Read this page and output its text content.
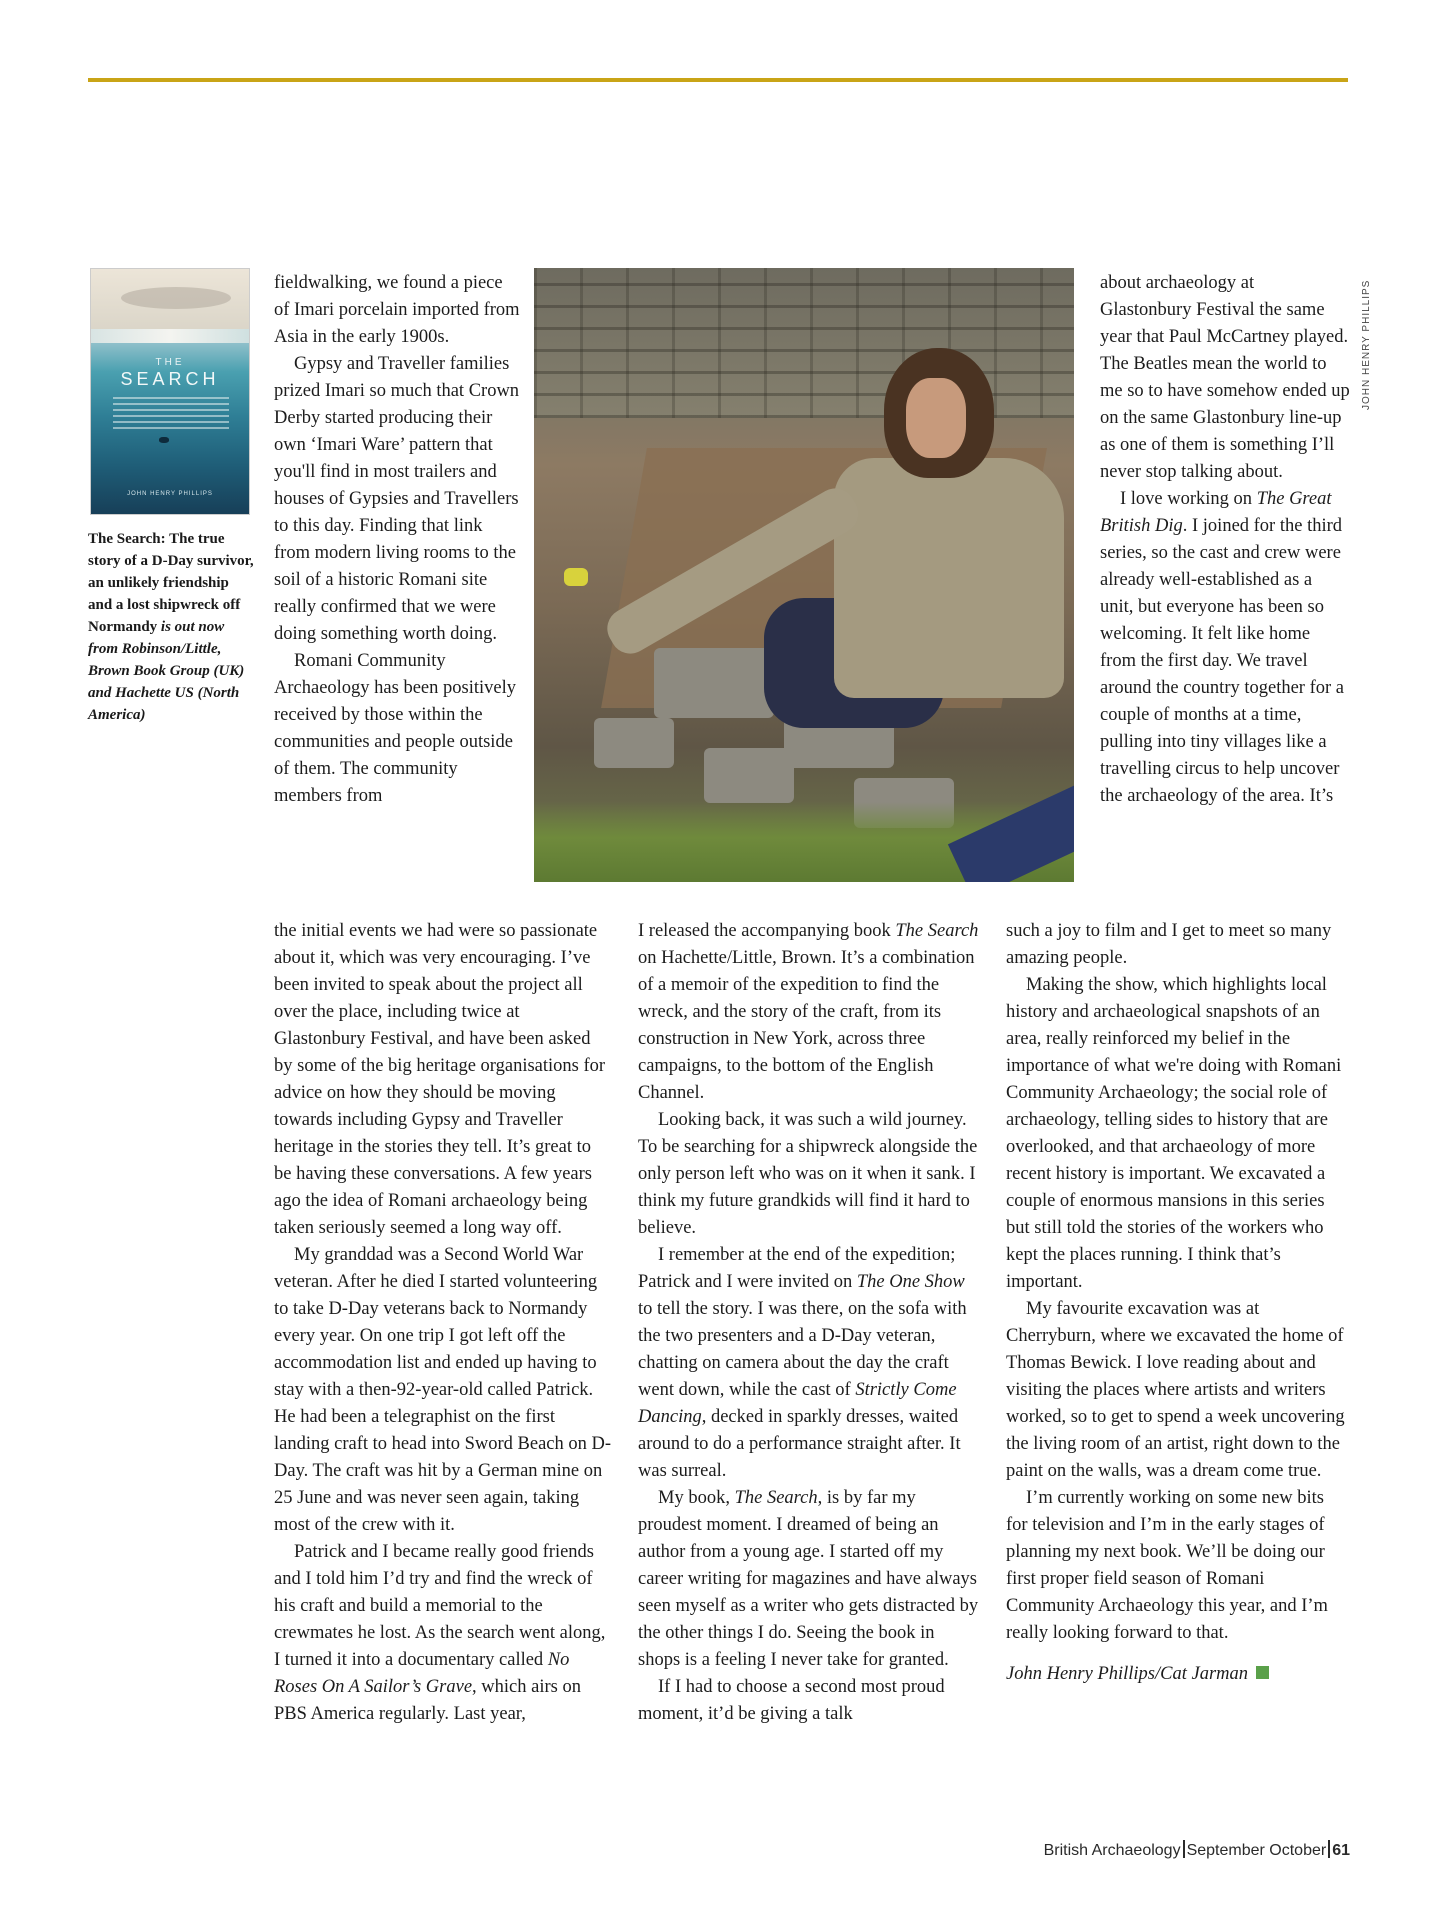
THE
SEARCH
JOHN HENRY PHILLIPS
The Search: The true story of a D-Day survivor, an unlikely friendship and a lost shipwreck off Normandy is out now from Robinson/Little, Brown Book Group (UK) and Hachette US (North America)
JOHN HENRY PHILLIPS

fieldwalking, we found a piece of Imari porcelain imported from Asia in the early 1900s.

Gypsy and Traveller families prized Imari so much that Crown Derby started producing their own ‘Imari Ware’ pattern that you'll find in most trailers and houses of Gypsies and Travellers to this day. Finding that link from modern living rooms to the soil of a historic Romani site really confirmed that we were doing something worth doing.

Romani Community Archaeology has been positively received by those within the communities and people outside of them. The community members from

the initial events we had were so passionate about it, which was very encouraging. I’ve been invited to speak about the project all over the place, including twice at Glastonbury Festival, and have been asked by some of the big heritage organisations for advice on how they should be moving towards including Gypsy and Traveller heritage in the stories they tell. It’s great to be having these conversations. A few years ago the idea of Romani archaeology being taken seriously seemed a long way off.

My granddad was a Second World War veteran. After he died I started volunteering to take D-Day veterans back to Normandy every year. On one trip I got left off the accommodation list and ended up having to stay with a then-92-year-old called Patrick. He had been a telegraphist on the first landing craft to head into Sword Beach on D-Day. The craft was hit by a German mine on 25 June and was never seen again, taking most of the crew with it.

Patrick and I became really good friends and I told him I’d try and find the wreck of his craft and build a memorial to the crewmates he lost. As the search went along, I turned it into a documentary called No Roses On A Sailor’s Grave, which airs on PBS America regularly. Last year,

I released the accompanying book The Search on Hachette/Little, Brown. It’s a combination of a memoir of the expedition to find the wreck, and the story of the craft, from its construction in New York, across three campaigns, to the bottom of the English Channel.

Looking back, it was such a wild journey. To be searching for a shipwreck alongside the only person left who was on it when it sank. I think my future grandkids will find it hard to believe.

I remember at the end of the expedition; Patrick and I were invited on The One Show to tell the story. I was there, on the sofa with the two presenters and a D-Day veteran, chatting on camera about the day the craft went down, while the cast of Strictly Come Dancing, decked in sparkly dresses, waited around to do a performance straight after. It was surreal.

My book, The Search, is by far my proudest moment. I dreamed of being an author from a young age. I started off my career writing for magazines and have always seen myself as a writer who gets distracted by the other things I do. Seeing the book in shops is a feeling I never take for granted.

If I had to choose a second most proud moment, it’d be giving a talk

about archaeology at Glastonbury Festival the same year that Paul McCartney played. The Beatles mean the world to me so to have somehow ended up on the same Glastonbury line-up as one of them is something I’ll never stop talking about.

I love working on The Great British Dig. I joined for the third series, so the cast and crew were already well-established as a unit, but everyone has been so welcoming. It felt like home from the first day. We travel around the country together for a couple of months at a time, pulling into tiny villages like a travelling circus to help uncover the archaeology of the area. It’s

such a joy to film and I get to meet so many amazing people.

Making the show, which highlights local history and archaeological snapshots of an area, really reinforced my belief in the importance of what we're doing with Romani Community Archaeology; the social role of archaeology, telling sides to history that are overlooked, and that archaeology of more recent history is important. We excavated a couple of enormous mansions in this series but still told the stories of the workers who kept the places running. I think that’s important.

My favourite excavation was at Cherryburn, where we excavated the home of Thomas Bewick. I love reading about and visiting the places where artists and writers worked, so to get to spend a week uncovering the living room of an artist, right down to the paint on the walls, was a dream come true.

I’m currently working on some new bits for television and I’m in the early stages of planning my next book. We’ll be doing our first proper field season of Romani Community Archaeology this year, and I’m really looking forward to that.

John Henry Phillips/Cat Jarman

British Archaeology September October 61
